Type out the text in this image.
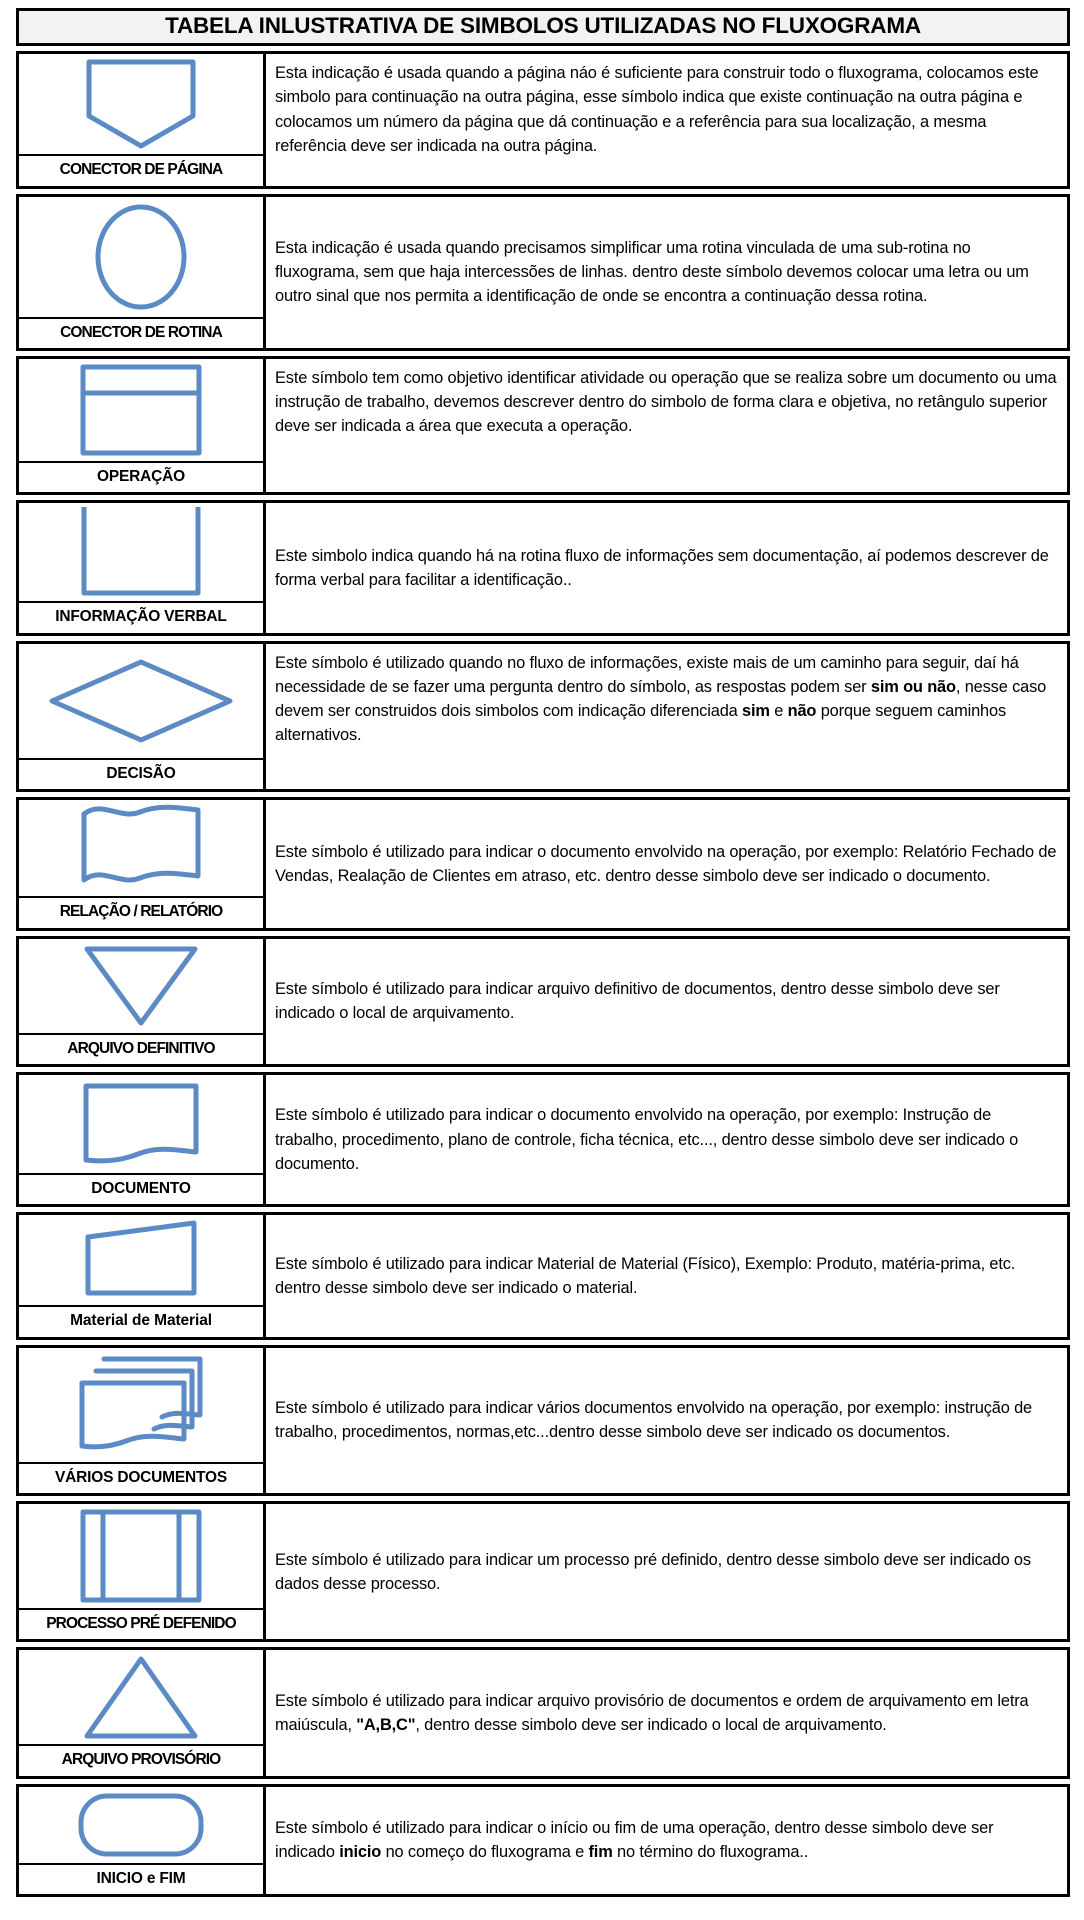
TABELA INLUSTRATIVA DE SIMBOLOS UTILIZADAS NO FLUXOGRAMA
CONECTOR DE PÁGINA
Esta indicação é usada quando a página náo é suficiente para construir todo o fluxograma, colocamos este simbolo para continuação na outra página, esse símbolo indica que existe continuação na outra página e colocamos um número da página que dá continuação e a referência para sua localização, a mesma referência deve ser indicada na outra página.
CONECTOR DE ROTINA
Esta indicação é usada quando precisamos simplificar uma rotina vinculada de uma sub-rotina no fluxograma, sem que haja intercessões de linhas. dentro deste símbolo devemos colocar uma letra ou um outro sinal que nos permita a identificação de onde se encontra a continuação dessa rotina.
OPERAÇÃO
Este símbolo tem como objetivo identificar atividade ou operação que se realiza sobre um documento ou uma instrução de trabalho, devemos descrever dentro do simbolo de forma clara e objetiva, no retângulo superior deve ser indicada a área que executa a operação.
INFORMAÇÃO VERBAL
Este simbolo indica quando há na rotina fluxo de informações sem documentação, aí podemos descrever de forma verbal para facilitar a identificação..
DECISÃO
Este símbolo é utilizado quando no fluxo de informações, existe mais de um caminho para seguir, daí há necessidade de se fazer uma pergunta dentro do símbolo, as respostas podem ser sim ou não, nesse caso devem ser construidos dois simbolos com indicação diferenciada sim e não porque seguem caminhos alternativos.
RELAÇÃO / RELATÓRIO
Este símbolo é utilizado para indicar o documento envolvido na operação, por exemplo: Relatório Fechado de Vendas, Realação de Clientes em atraso, etc. dentro desse simbolo deve ser indicado o documento.
ARQUIVO DEFINITIVO
Este símbolo é utilizado para indicar arquivo definitivo de documentos, dentro desse simbolo deve ser indicado o local de arquivamento.
DOCUMENTO
Este símbolo é utilizado para indicar o documento envolvido na operação, por exemplo: Instrução de trabalho, procedimento, plano de controle, ficha técnica, etc..., dentro desse simbolo deve ser indicado o documento.
Material de Material
Este símbolo é utilizado para indicar Material de Material (Físico), Exemplo: Produto, matéria-prima, etc. dentro desse simbolo deve ser indicado o material.
VÁRIOS DOCUMENTOS
Este símbolo é utilizado para indicar vários documentos envolvido na operação, por exemplo: instrução de trabalho, procedimentos, normas,etc...dentro desse simbolo deve ser indicado os documentos.
PROCESSO PRÉ DEFENIDO
Este símbolo é utilizado para indicar um processo pré definido, dentro desse simbolo deve ser indicado os dados desse processo.
ARQUIVO PROVISÓRIO
Este símbolo é utilizado para indicar arquivo provisório de documentos e ordem de arquivamento em letra maiúscula, "A,B,C", dentro desse simbolo deve ser indicado o local de arquivamento.
INICIO e FIM
Este símbolo é utilizado para indicar o início ou fim de uma operação, dentro desse simbolo deve ser indicado inicio no começo do fluxograma e fim no término do fluxograma..
